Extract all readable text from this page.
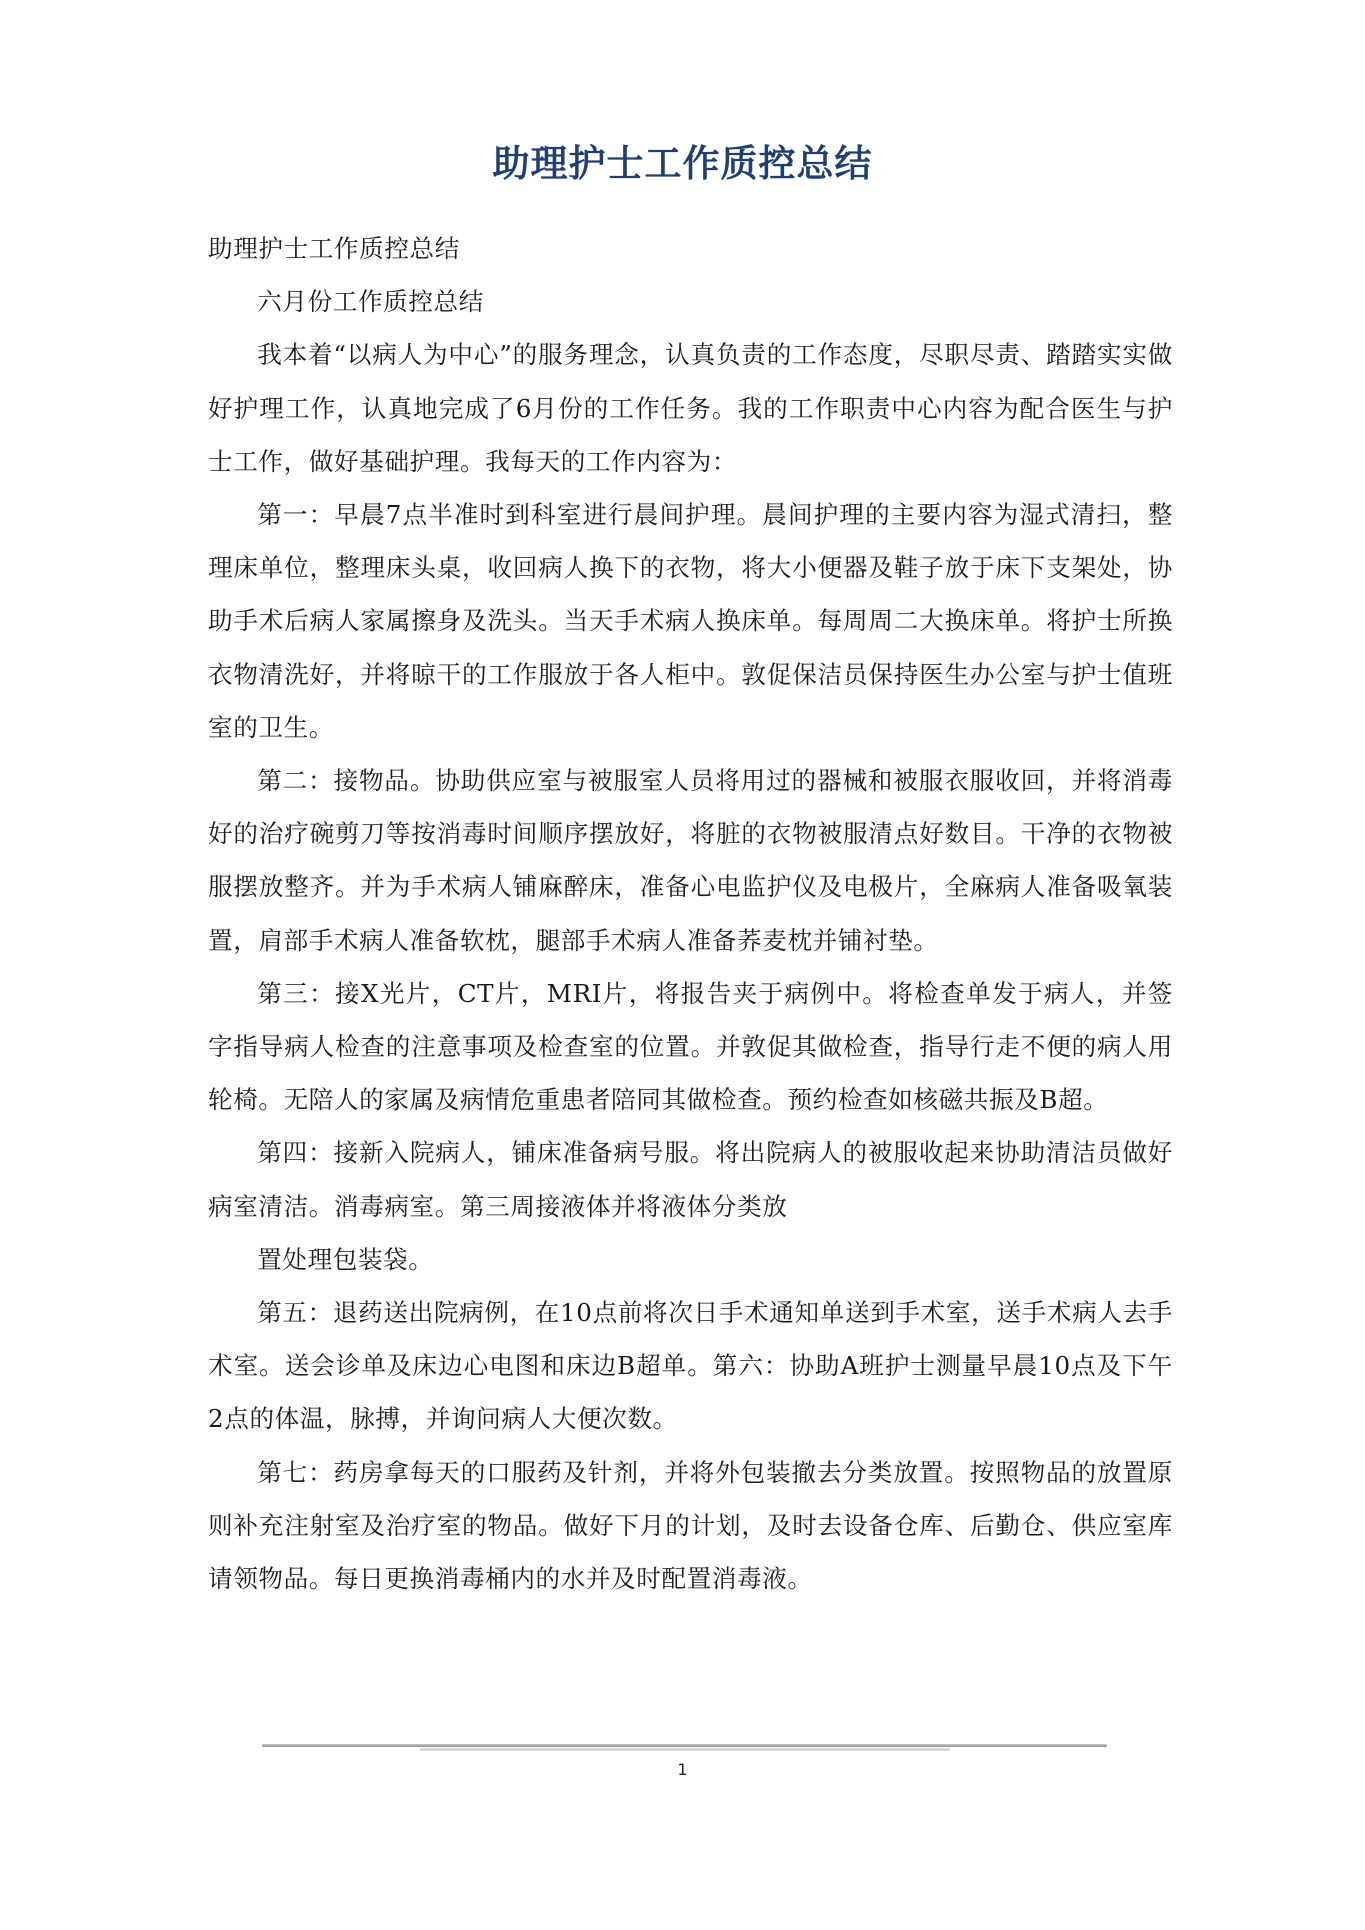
助理护士工作质控总结

助理护士工作质控总结

六月份工作质控总结

我本着“以病人为中心”的服务理念，认真负责的工作态度，尽职尽责、踏踏实实做好护理工作，认真地完成了6月份的工作任务。我的工作职责中心内容为配合医生与护士工作，做好基础护理。我每天的工作内容为：

第一：早晨7点半准时到科室进行晨间护理。晨间护理的主要内容为湿式清扫，整理床单位，整理床头桌，收回病人换下的衣物，将大小便器及鞋子放于床下支架处，协助手术后病人家属擦身及洗头。当天手术病人换床单。每周周二大换床单。将护士所换衣物清洗好，并将晾干的工作服放于各人柜中。敦促保洁员保持医生办公室与护士值班室的卫生。

第二：接物品。协助供应室与被服室人员将用过的器械和被服衣服收回，并将消毒好的治疗碗剪刀等按消毒时间顺序摆放好，将脏的衣物被服清点好数目。干净的衣物被服摆放整齐。并为手术病人铺麻醉床，准备心电监护仪及电极片，全麻病人准备吸氧装置，肩部手术病人准备软枕，腿部手术病人准备荞麦枕并铺衬垫。

第三：接X光片，CT片，MRI片，将报告夹于病例中。将检查单发于病人，并签字指导病人检查的注意事项及检查室的位置。并敦促其做检查，指导行走不便的病人用轮椅。无陪人的家属及病情危重患者陪同其做检查。预约检查如核磁共振及B超。

第四：接新入院病人，铺床准备病号服。将出院病人的被服收起来协助清洁员做好病室清洁。消毒病室。第三周接液体并将液体分类放

置处理包装袋。

第五：退药送出院病例，在10点前将次日手术通知单送到手术室，送手术病人去手术室。送会诊单及床边心电图和床边B超单。第六：协助A班护士测量早晨10点及下午2点的体温，脉搏，并询问病人大便次数。

第七：药房拿每天的口服药及针剂，并将外包装撤去分类放置。按照物品的放置原则补充注射室及治疗室的物品。做好下月的计划，及时去设备仓库、后勤仓、供应室库请领物品。每日更换消毒桶内的水并及时配置消毒液。

1
